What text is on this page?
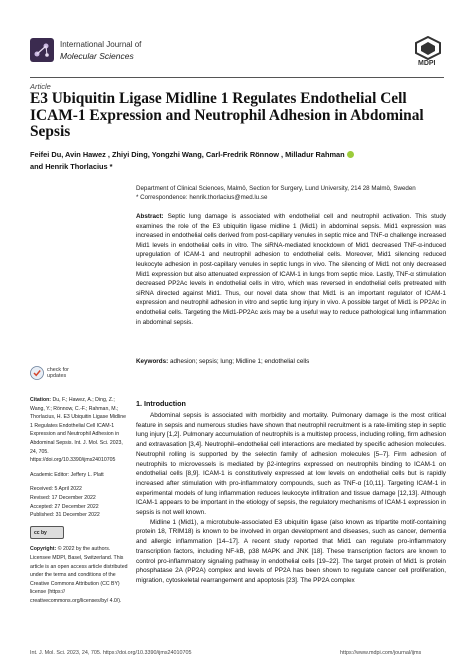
International Journal of
Molecular Sciences
MDPI
Article
E3 Ubiquitin Ligase Midline 1 Regulates Endothelial Cell ICAM-1 Expression and Neutrophil Adhesion in Abdominal Sepsis
Feifei Du, Avin Hawez , Zhiyi Ding, Yongzhi Wang, Carl-Fredrik Rönnow , Milladur Rahman
and Henrik Thorlacius *
Department of Clinical Sciences, Malmö, Section for Surgery, Lund University, 214 28 Malmö, Sweden
* Correspondence: henrik.thorlacius@med.lu.se
Abstract: Septic lung damage is associated with endothelial cell and neutrophil activation. This study examines the role of the E3 ubiquitin ligase midline 1 (Mid1) in abdominal sepsis. Mid1 expression was increased in endothelial cells derived from post-capillary venules in septic mice and TNF-α challenge increased Mid1 levels in endothelial cells in vitro. The siRNA-mediated knockdown of Mid1 decreased TNF-α-induced upregulation of ICAM-1 and neutrophil adhesion to endothelial cells. Moreover, Mid1 silencing reduced leukocyte adhesion in post-capillary venules in septic lungs in vivo. The silencing of Mid1 not only decreased Mid1 expression but also attenuated expression of ICAM-1 in lungs from septic mice. Lastly, TNF-α stimulation decreased PP2Ac levels in endothelial cells in vitro, which was reversed in endothelial cells pretreated with siRNA directed against Mid1. Thus, our novel data show that Mid1 is an important regulator of ICAM-1 expression and neutrophil adhesion in vitro and septic lung injury in vivo. A possible target of Mid1 is PP2Ac in endothelial cells. Targeting the Mid1-PP2Ac axis may be a useful way to reduce pathological lung inflammation in abdominal sepsis.
Keywords: adhesion; sepsis; lung; Midline 1; endothelial cells
check for
updates

Citation: Du, F.; Hawez, A.; Ding, Z.; Wang, Y.; Rönnow, C.-F.; Rahman, M.; Thorlacius, H. E3 Ubiquitin Ligase Midline 1 Regulates Endothelial Cell ICAM-1 Expression and Neutrophil Adhesion in Abdominal Sepsis. Int. J. Mol. Sci. 2023, 24, 705. https://doi.org/10.3390/ijms24010705

Academic Editor: Jeffery L. Platt

Received: 5 April 2022
Revised: 17 December 2022
Accepted: 27 December 2022
Published: 31 December 2022

cc by

Copyright: © 2022 by the authors. Licensee MDPI, Basel, Switzerland. This article is an open access article distributed under the terms and conditions of the Creative Commons Attribution (CC BY) license (https:// creativecommons.org/licenses/by/ 4.0/).

1. Introduction

Abdominal sepsis is associated with morbidity and mortality. Pulmonary damage is the most critical feature in sepsis and numerous studies have shown that neutrophil recruitment is a rate-limiting step in septic lung injury [1,2]. Pulmonary accumulation of neutrophils is a multistep process, including rolling, firm adhesion and extravasation [3,4]. Neutrophil–endothelial cell interactions are mediated by specific adhesion molecules. Neutrophil rolling is supported by the selectin family of adhesion molecules [5–7]. Firm adhesion of neutrophils to microvessels is mediated by β2-integrins expressed on neutrophils binding to ICAM-1 on endothelial cells [8,9]. ICAM-1 is constitutively expressed at low levels on endothelial cells but is rapidly increased after stimulation with pro-inflammatory compounds, such as TNF-α [10,11]. Targeting ICAM-1 in experimental models of lung inflammation reduces leukocyte infiltration and tissue damage [12,13]. Although ICAM-1 appears to be important in the etiology of sepsis, the regulatory mechanisms of ICAM-1 expression in sepsis is not well known.

Midline 1 (Mid1), a microtubule-associated E3 ubiquitin ligase (also known as tripartite motif-containing protein 18, TRIM18) is known to be involved in organ development and diseases, such as cancer, dementia and allergic inflammation [14–17]. A recent study reported that Mid1 can regulate pro-inflammatory transcription factors, including NF-kB, p38 MAPK and JNK [18]. These transcription factors are known to control pro-inflammatory signaling pathway in endothelial cells [19–22]. The target protein of Mid1 is protein phosphatase 2A (PP2A) complex and levels of PP2A has been shown to regulate cancer cell proliferation, migration, cytoskeletal rearrangement and apoptosis [23]. The PP2A complex

Int. J. Mol. Sci. 2023, 24, 705. https://doi.org/10.3390/ijms24010705	https://www.mdpi.com/journal/ijms
